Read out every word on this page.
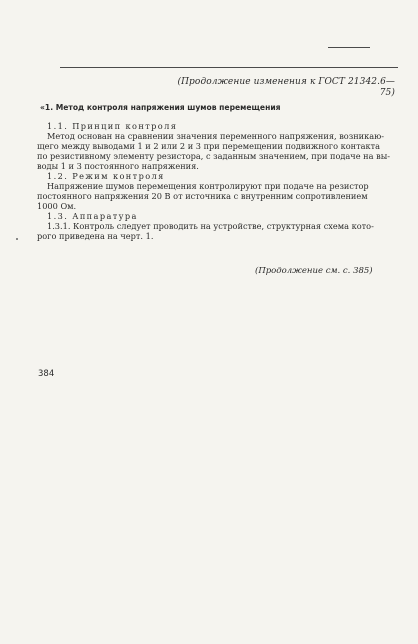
(Продолжение изменения к ГОСТ 21342.6—75)
«1. Метод контроля напряжения шумов перемещения
1.1. Принцип контроля
Метод основан на сравнении значения переменного напряжения, возникаю-
щего между выводами 1 и 2 или 2 и 3 при перемещении подвижного контакта
по резистивному элементу резистора, с заданным значением, при подаче на вы-
воды 1 и 3 постоянного напряжения.
1.2. Режим контроля
Напряжение шумов перемещения контролируют при подаче на резистор
постоянного напряжения 20 В от источника с внутренним сопротивлением
1000 Ом.
1.3. Аппаратура
1.3.1. Контроль следует проводить на устройстве, структурная схема кото-
рого приведена на черт. 1.
(Продолжение см. с. 385)
384
